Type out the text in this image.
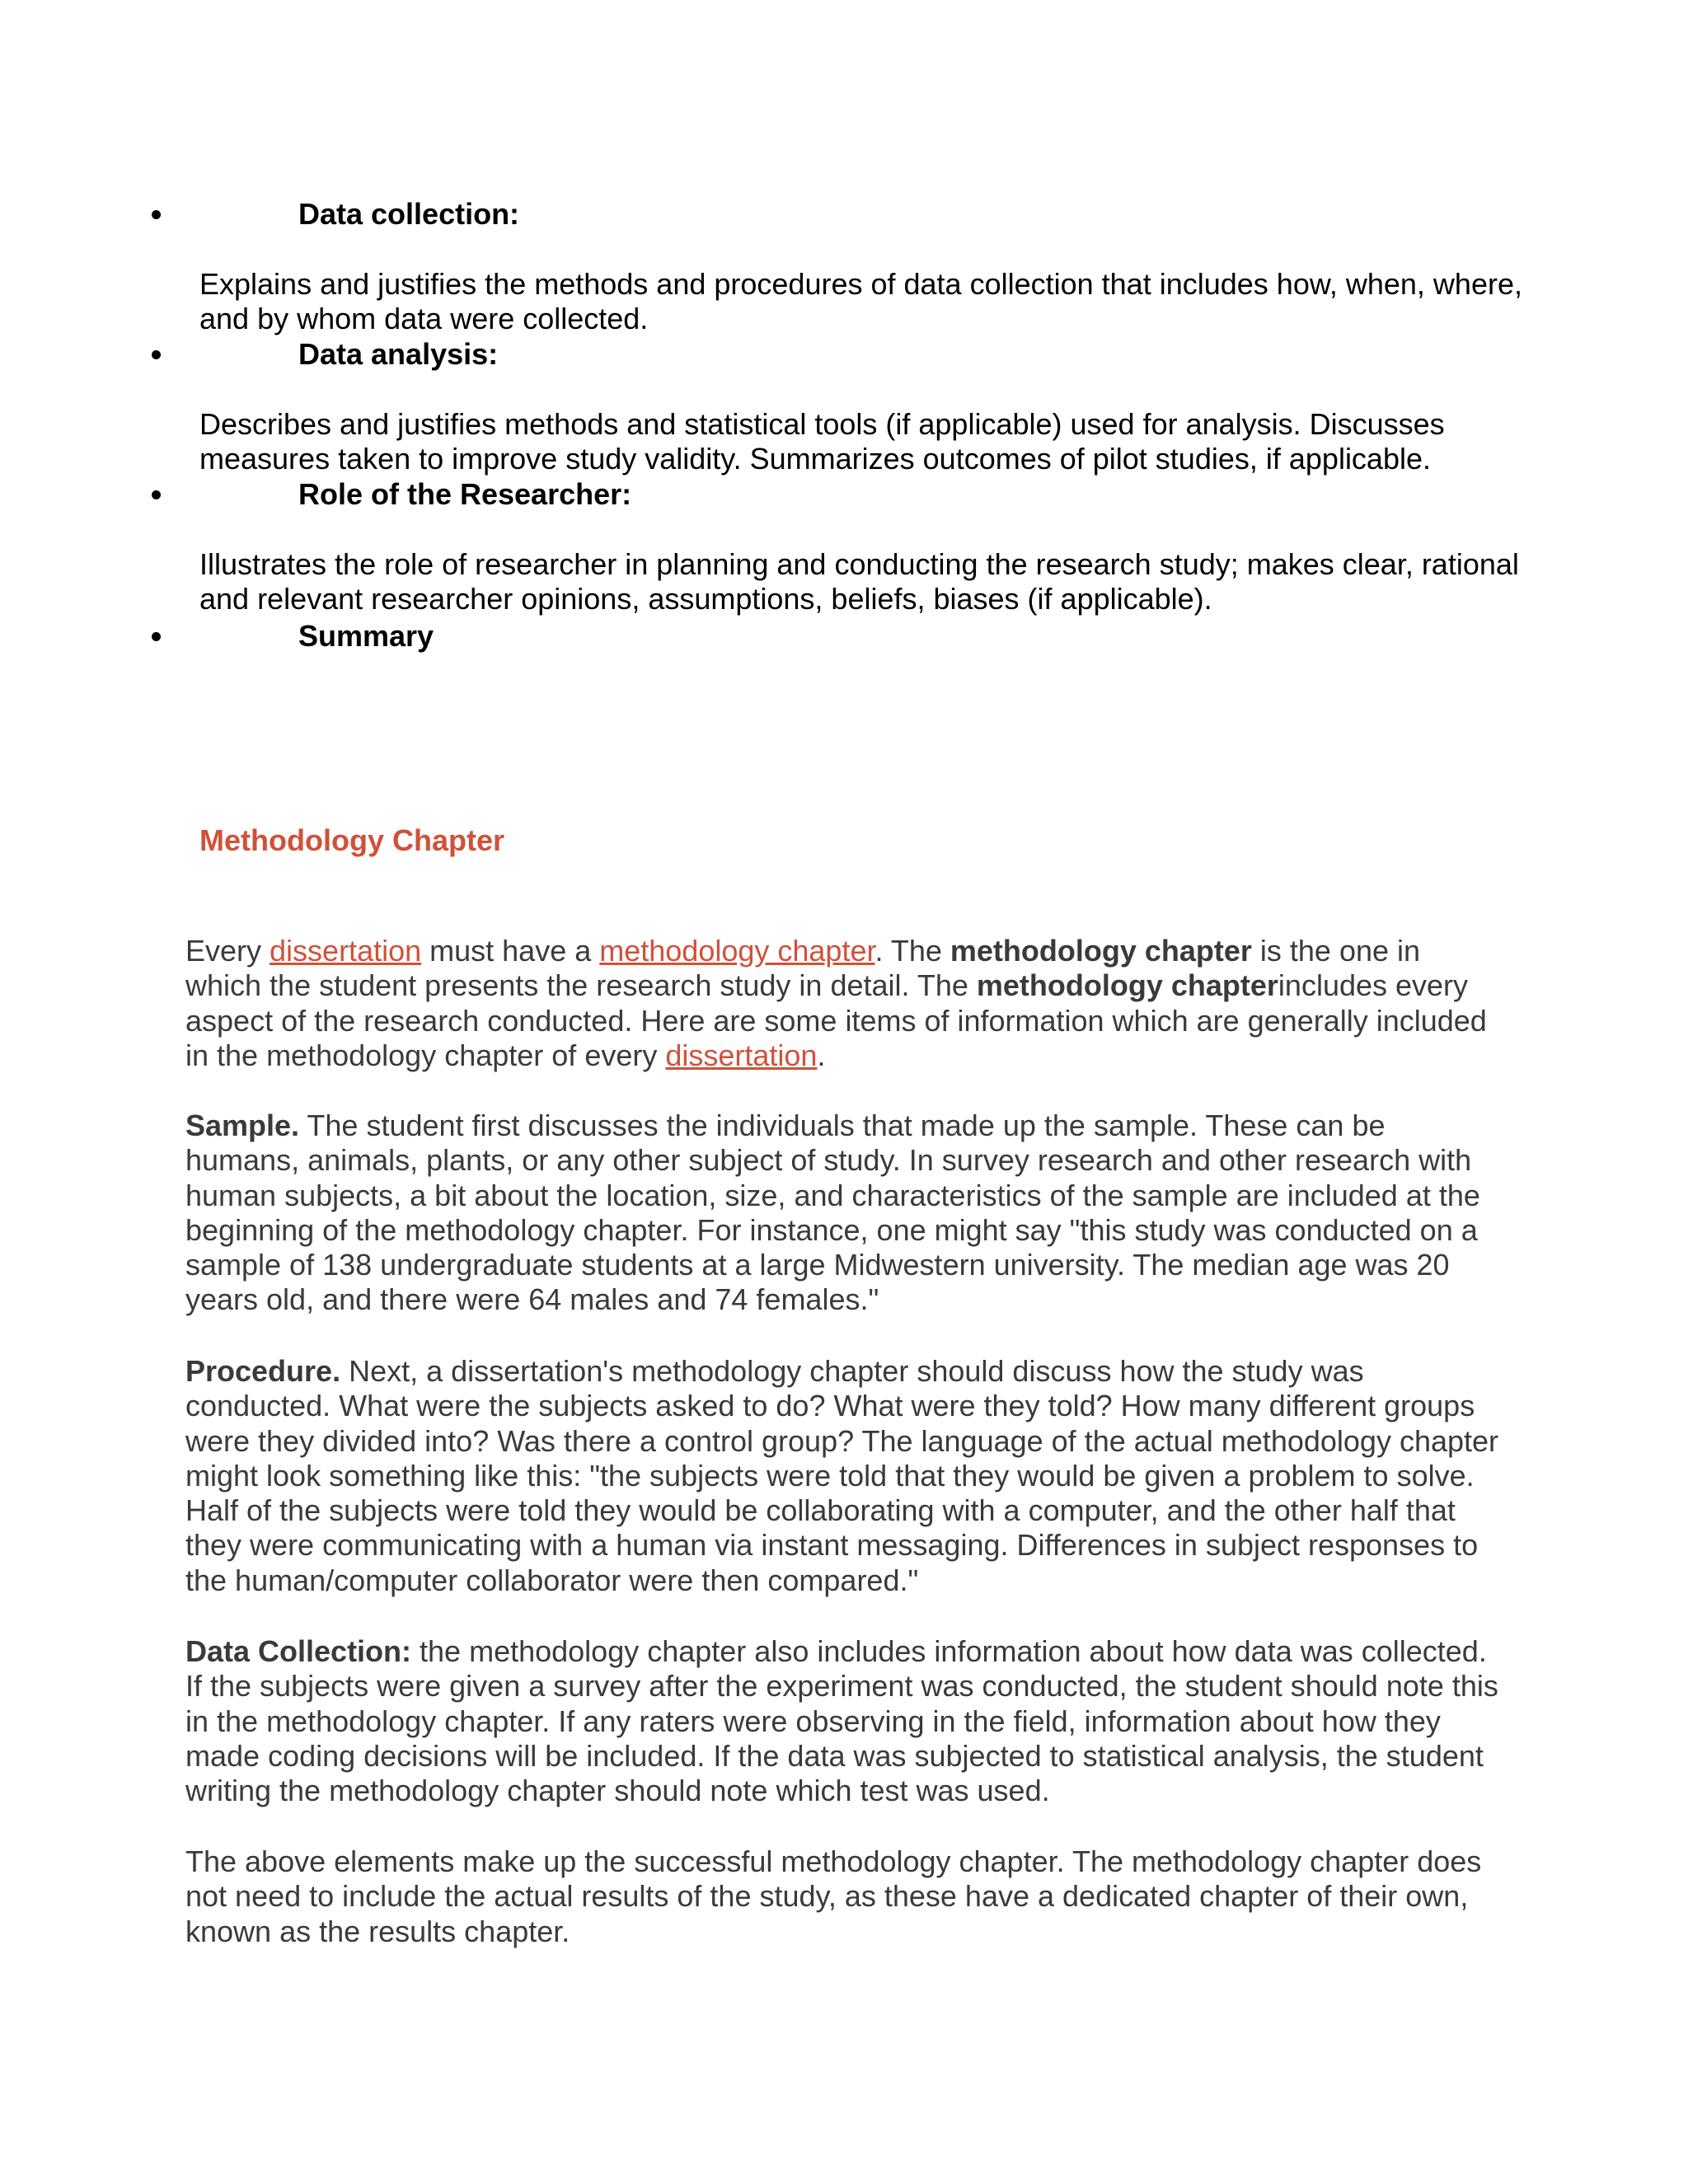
Data collection:
Explains and justifies the methods and procedures of data collection that includes how, when, where, and by whom data were collected.
Data analysis:
Describes and justifies methods and statistical tools (if applicable) used for analysis. Discusses measures taken to improve study validity. Summarizes outcomes of pilot studies, if applicable.
Role of the Researcher:
Illustrates the role of researcher in planning and conducting the research study; makes clear, rational and relevant researcher opinions, assumptions, beliefs, biases (if applicable).
Summary
Methodology Chapter

Every dissertation must have a methodology chapter. The methodology chapter is the one in which the student presents the research study in detail. The methodology chapterincludes every aspect of the research conducted. Here are some items of information which are generally included in the methodology chapter of every dissertation.

Sample. The student first discusses the individuals that made up the sample. These can be humans, animals, plants, or any other subject of study. In survey research and other research with human subjects, a bit about the location, size, and characteristics of the sample are included at the beginning of the methodology chapter. For instance, one might say "this study was conducted on a sample of 138 undergraduate students at a large Midwestern university. The median age was 20 years old, and there were 64 males and 74 females."

Procedure. Next, a dissertation's methodology chapter should discuss how the study was conducted. What were the subjects asked to do? What were they told? How many different groups were they divided into? Was there a control group? The language of the actual methodology chapter might look something like this: "the subjects were told that they would be given a problem to solve. Half of the subjects were told they would be collaborating with a computer, and the other half that they were communicating with a human via instant messaging. Differences in subject responses to the human/computer collaborator were then compared."

Data Collection: the methodology chapter also includes information about how data was collected. If the subjects were given a survey after the experiment was conducted, the student should note this in the methodology chapter. If any raters were observing in the field, information about how they made coding decisions will be included. If the data was subjected to statistical analysis, the student writing the methodology chapter should note which test was used.

The above elements make up the successful methodology chapter. The methodology chapter does not need to include the actual results of the study, as these have a dedicated chapter of their own, known as the results chapter.
